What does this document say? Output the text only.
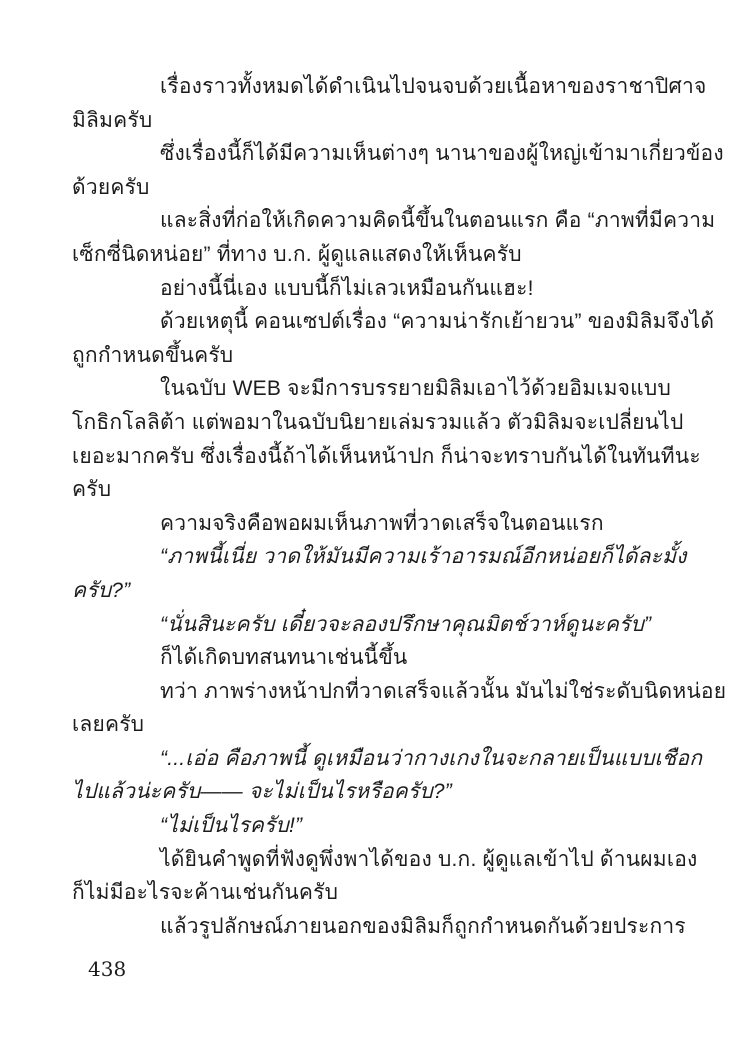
เรื่องราวทั้งหมดได้ดำเนินไปจนจบด้วยเนื้อหาของราชาปิศาจ
มิลิมครับ
ซึ่งเรื่องนี้ก็ได้มีความเห็นต่างๆ นานาของผู้ใหญ่เข้ามาเกี่ยวข้อง
ด้วยครับ
และสิ่งที่ก่อให้เกิดความคิดนี้ขึ้นในตอนแรก คือ “ภาพที่มีความ
เซ็กซี่นิดหน่อย” ที่ทาง บ.ก. ผู้ดูแลแสดงให้เห็นครับ
อย่างนี้นี่เอง แบบนี้ก็ไม่เลวเหมือนกันแฮะ!
ด้วยเหตุนี้ คอนเซปต์เรื่อง “ความน่ารักเย้ายวน” ของมิลิมจึงได้
ถูกกำหนดขึ้นครับ
ในฉบับ WEB จะมีการบรรยายมิลิมเอาไว้ด้วยอิมเมจแบบ
โกธิกโลลิต้า แต่พอมาในฉบับนิยายเล่มรวมแล้ว ตัวมิลิมจะเปลี่ยนไป
เยอะมากครับ ซึ่งเรื่องนี้ถ้าได้เห็นหน้าปก ก็น่าจะทราบกันได้ในทันทีนะ
ครับ
ความจริงคือพอผมเห็นภาพที่วาดเสร็จในตอนแรก
“ภาพนี้เนี่ย วาดให้มันมีความเร้าอารมณ์อีกหน่อยก็ได้ละมั้ง
ครับ?”
“นั่นสินะครับ เดี๋ยวจะลองปรึกษาคุณมิตช์วาห์ดูนะครับ”
ก็ได้เกิดบทสนทนาเช่นนี้ขึ้น
ทว่า ภาพร่างหน้าปกที่วาดเสร็จแล้วนั้น มันไม่ใช่ระดับนิดหน่อย
เลยครับ
“...เอ่อ คือภาพนี้ ดูเหมือนว่ากางเกงในจะกลายเป็นแบบเชือก
ไปแล้วน่ะครับ—— จะไม่เป็นไรหรือครับ?”
“ไม่เป็นไรครับ!”
ได้ยินคำพูดที่ฟังดูพึ่งพาได้ของ บ.ก. ผู้ดูแลเข้าไป ด้านผมเอง
ก็ไม่มีอะไรจะค้านเช่นกันครับ
แล้วรูปลักษณ์ภายนอกของมิลิมก็ถูกกำหนดกันด้วยประการ
438
